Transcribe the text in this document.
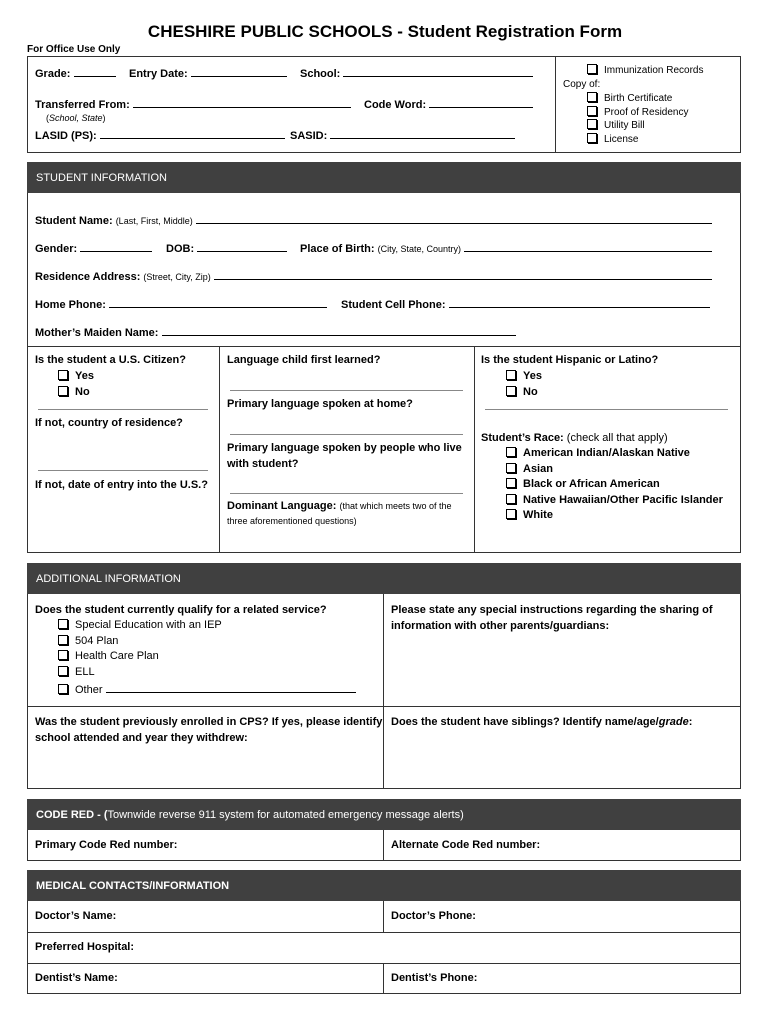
CHESHIRE PUBLIC SCHOOLS - Student Registration Form
For Office Use Only
Grade:	Entry Date:	School:
Transferred From:
(School, State)
Code Word:
LASID (PS):	SASID:
Immunization Records
Copy of:
Birth Certificate
Proof of Residency
Utility Bill
License
STUDENT INFORMATION
Student Name: (Last, First, Middle)
Gender:	DOB:	Place of Birth: (City, State, Country)
Residence Address: (Street, City, Zip)
Home Phone:	Student Cell Phone:
Mother’s Maiden Name:
Is the student a U.S. Citizen?
Yes
No
If not, country of residence?
If not, date of entry into the U.S.?
Language child first learned?
Primary language spoken at home?
Primary language spoken by people who live
with student?
Dominant Language: (that which meets two of the
three aforementioned questions)
Is the student Hispanic or Latino?
Yes
No
Student’s Race: (check all that apply)
American Indian/Alaskan Native
Asian
Black or African American
Native Hawaiian/Other Pacific Islander
White
ADDITIONAL INFORMATION
Does the student currently qualify for a related service?
Special Education with an IEP
504 Plan
Health Care Plan
ELL
Other
Please state any special instructions regarding the sharing of
information with other parents/guardians:
Was the student previously enrolled in CPS? If yes, please identify
school attended and year they withdrew:
Does the student have siblings? Identify name/age/grade:
CODE RED - ( Townwide reverse 911 system for automated emergency message alerts)
Primary Code Red number:	Alternate Code Red number:
MEDICAL CONTACTS/INFORMATION
Doctor’s Name:	Doctor’s Phone:
Preferred Hospital:
Dentist’s Name:	Dentist’s Phone:
